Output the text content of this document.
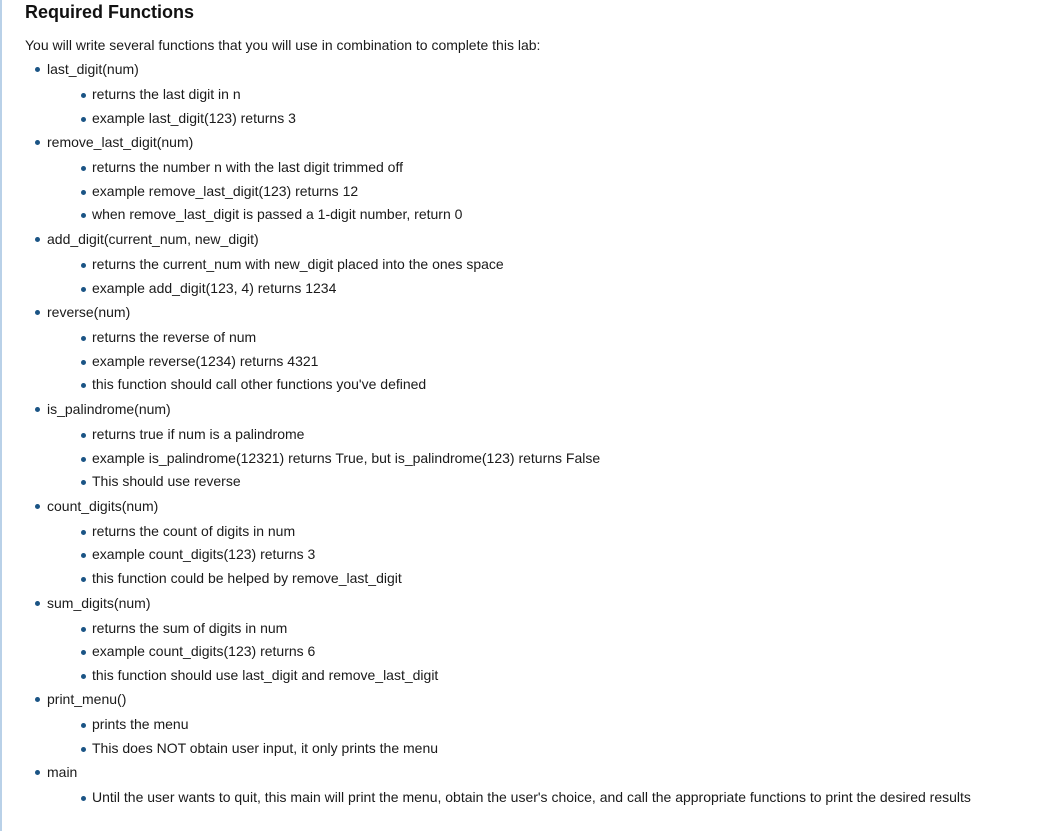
Required Functions

You will write several functions that you will use in combination to complete this lab:

last_digit(num)
returns the last digit in n
example last_digit(123) returns 3
remove_last_digit(num)
returns the number n with the last digit trimmed off
example remove_last_digit(123) returns 12
when remove_last_digit is passed a 1-digit number, return 0
add_digit(current_num, new_digit)
returns the current_num with new_digit placed into the ones space
example add_digit(123, 4) returns 1234
reverse(num)
returns the reverse of num
example reverse(1234) returns 4321
this function should call other functions you've defined
is_palindrome(num)
returns true if num is a palindrome
example is_palindrome(12321) returns True, but is_palindrome(123) returns False
This should use reverse
count_digits(num)
returns the count of digits in num
example count_digits(123) returns 3
this function could be helped by remove_last_digit
sum_digits(num)
returns the sum of digits in num
example count_digits(123) returns 6
this function should use last_digit and remove_last_digit
print_menu()
prints the menu
This does NOT obtain user input, it only prints the menu
main
Until the user wants to quit, this main will print the menu, obtain the user's choice, and call the appropriate functions to print the desired results
